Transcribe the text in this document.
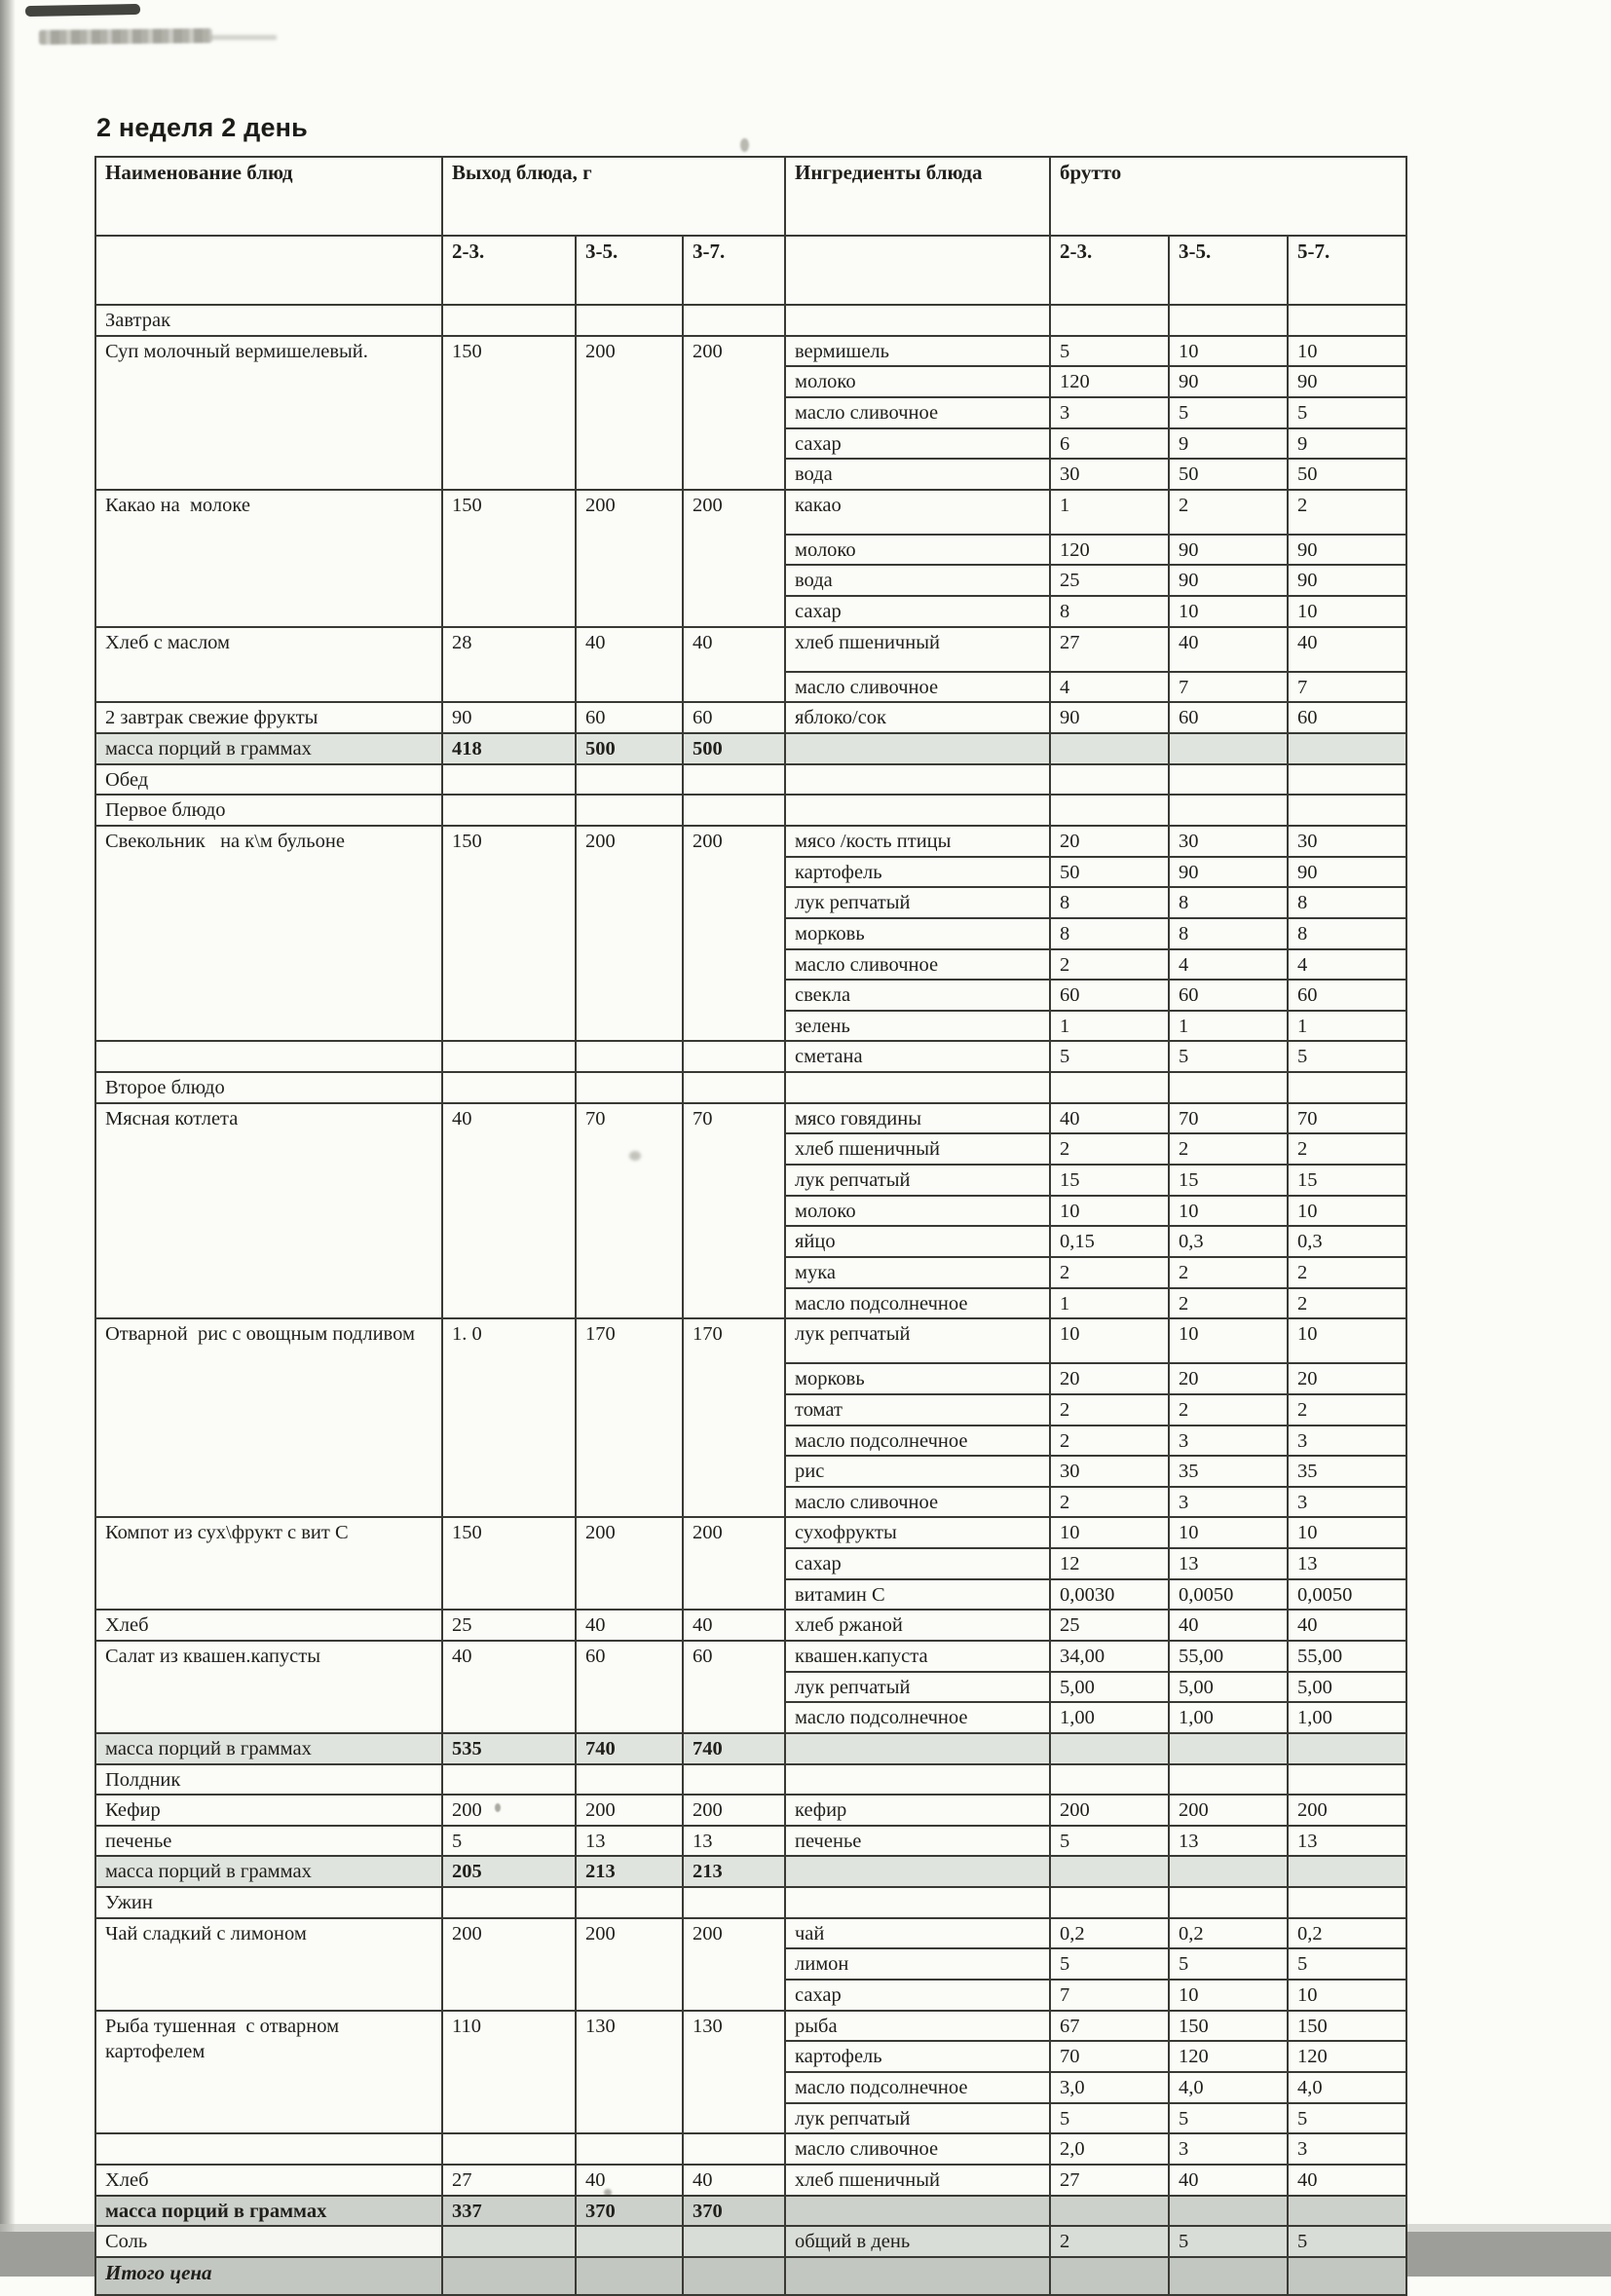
2 неделя 2 день
Наименование блюд	Выход блюда, г			Ингредиенты блюда	брутто		
	2-3.	3-5.	3-7.		2-3.	3-5.	5-7.
Завтрак							
Суп молочный вермишелевый.	150	200	200	вермишель	5	10	10
				молоко	120	90	90
				масло сливочное	3	5	5
				сахар	6	9	9
				вода	30	50	50
Какао на  молоке	150	200	200	какао	1	2	2
				молоко	120	90	90
				вода	25	90	90
				сахар	8	10	10
Хлеб с маслом	28	40	40	хлеб пшеничный	27	40	40
				масло сливочное	4	7	7
2 завтрак свежие фрукты	90	60	60	яблоко/сок	90	60	60
масса порций в граммах	418	500	500				
Обед							
Первое блюдо							
Свекольник   на к\м бульоне	150	200	200	мясо /кость птицы	20	30	30
				картофель	50	90	90
				лук репчатый	8	8	8
				морковь	8	8	8
				масло сливочное	2	4	4
				свекла	60	60	60
				зелень	1	1	1
				сметана	5	5	5
Второе блюдо							
Мясная котлета	40	70	70	мясо говядины	40	70	70
				хлеб пшеничный	2	2	2
				лук репчатый	15	15	15
				молоко	10	10	10
				яйцо	0,15	0,3	0,3
				мука	2	2	2
				масло подсолнечное	1	2	2
Отварной  рис с овощным подливом	1. 0	170	170	лук репчатый	10	10	10
				морковь	20	20	20
				томат	2	2	2
				масло подсолнечное	2	3	3
				рис	30	35	35
				масло сливочное	2	3	3
Компот из сух\фрукт с вит С	150	200	200	сухофрукты	10	10	10
				сахар	12	13	13
				витамин С	0,0030	0,0050	0,0050
Хлеб	25	40	40	хлеб ржаной	25	40	40
Салат из квашен.капусты	40	60	60	квашен.капуста	34,00	55,00	55,00
				лук репчатый	5,00	5,00	5,00
				масло подсолнечное	1,00	1,00	1,00
масса порций в граммах	535	740	740				
Полдник							
Кефир	200	200	200	кефир	200	200	200
печенье	5	13	13	печенье	5	13	13
масса порций в граммах	205	213	213				
Ужин							
Чай сладкий с лимоном	200	200	200	чай	0,2	0,2	0,2
				лимон	5	5	5
				сахар	7	10	10
Рыба тушенная  с отварном картофелем	110	130	130	рыба	67	150	150
				картофель	70	120	120
				масло подсолнечное	3,0	4,0	4,0
				лук репчатый	5	5	5
				масло сливочное	2,0	3	3
Хлеб	27	40	40	хлеб пшеничный	27	40	40
масса порций в граммах	337	370	370				
Соль				общий в день	2	5	5
Итого цена							
